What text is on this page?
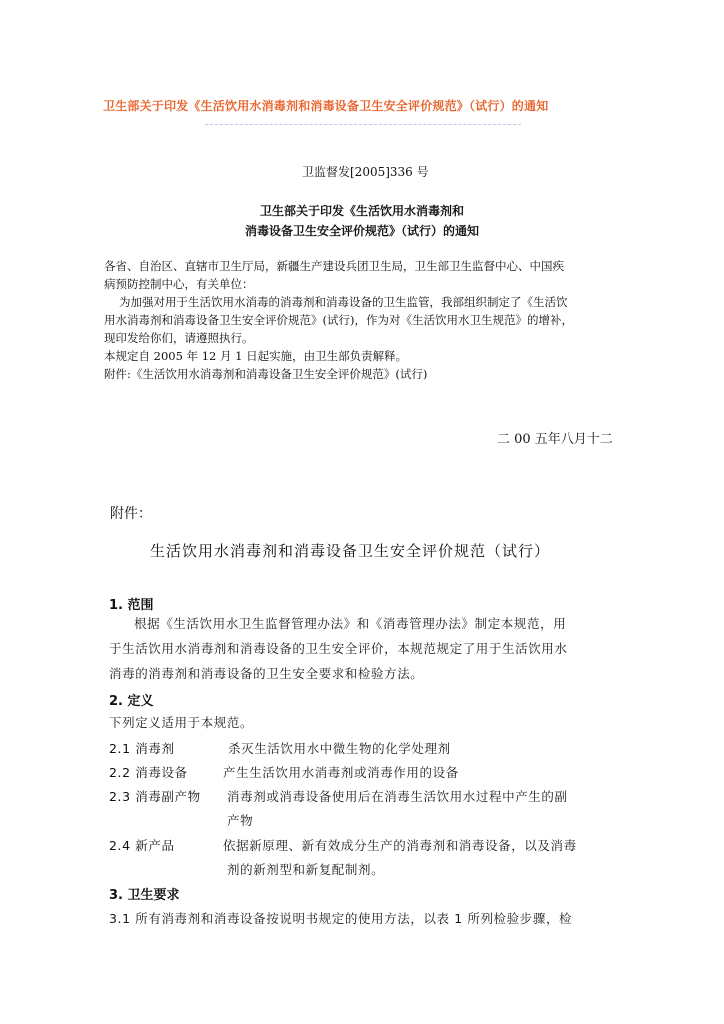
卫生部关于印发《生活饮用水消毒剂和消毒设备卫生安全评价规范》（试行）的通知
卫监督发[2005]336 号
卫生部关于印发《生活饮用水消毒剂和
消毒设备卫生安全评价规范》（试行）的通知
各省、自治区、直辖市卫生厅局，新疆生产建设兵团卫生局，卫生部卫生监督中心、中国疾
病预防控制中心，有关单位：
为加强对用于生活饮用水消毒的消毒剂和消毒设备的卫生监管，我部组织制定了《生活饮
用水消毒剂和消毒设备卫生安全评价规范》(试行)，作为对《生活饮用水卫生规范》的增补，
现印发给你们，请遵照执行。
本规定自 2005 年 12 月 1 日起实施，由卫生部负责解释。
附件:《生活饮用水消毒剂和消毒设备卫生安全评价规范》(试行)
二 00 五年八月十二
附件：
生活饮用水消毒剂和消毒设备卫生安全评价规范（试行）
1. 范围
根据《生活饮用水卫生监督管理办法》和《消毒管理办法》制定本规范，用
于生活饮用水消毒剂和消毒设备的卫生安全评价，本规范规定了用于生活饮用水
消毒的消毒剂和消毒设备的卫生安全要求和检验方法。
2. 定义
下列定义适用于本规范。
2.1 消毒剂	杀灭生活饮用水中微生物的化学处理剂
2.2 消毒设备	产生生活饮用水消毒剂或消毒作用的设备
2.3 消毒副产物 消毒剂或消毒设备使用后在消毒生活饮用水过程中产生的副
产物
2.4 新产品	依据新原理、新有效成分生产的消毒剂和消毒设备，以及消毒
剂的新剂型和新复配制剂。
3. 卫生要求
3.1 所有消毒剂和消毒设备按说明书规定的使用方法，以表 1 所列检验步骤，检
